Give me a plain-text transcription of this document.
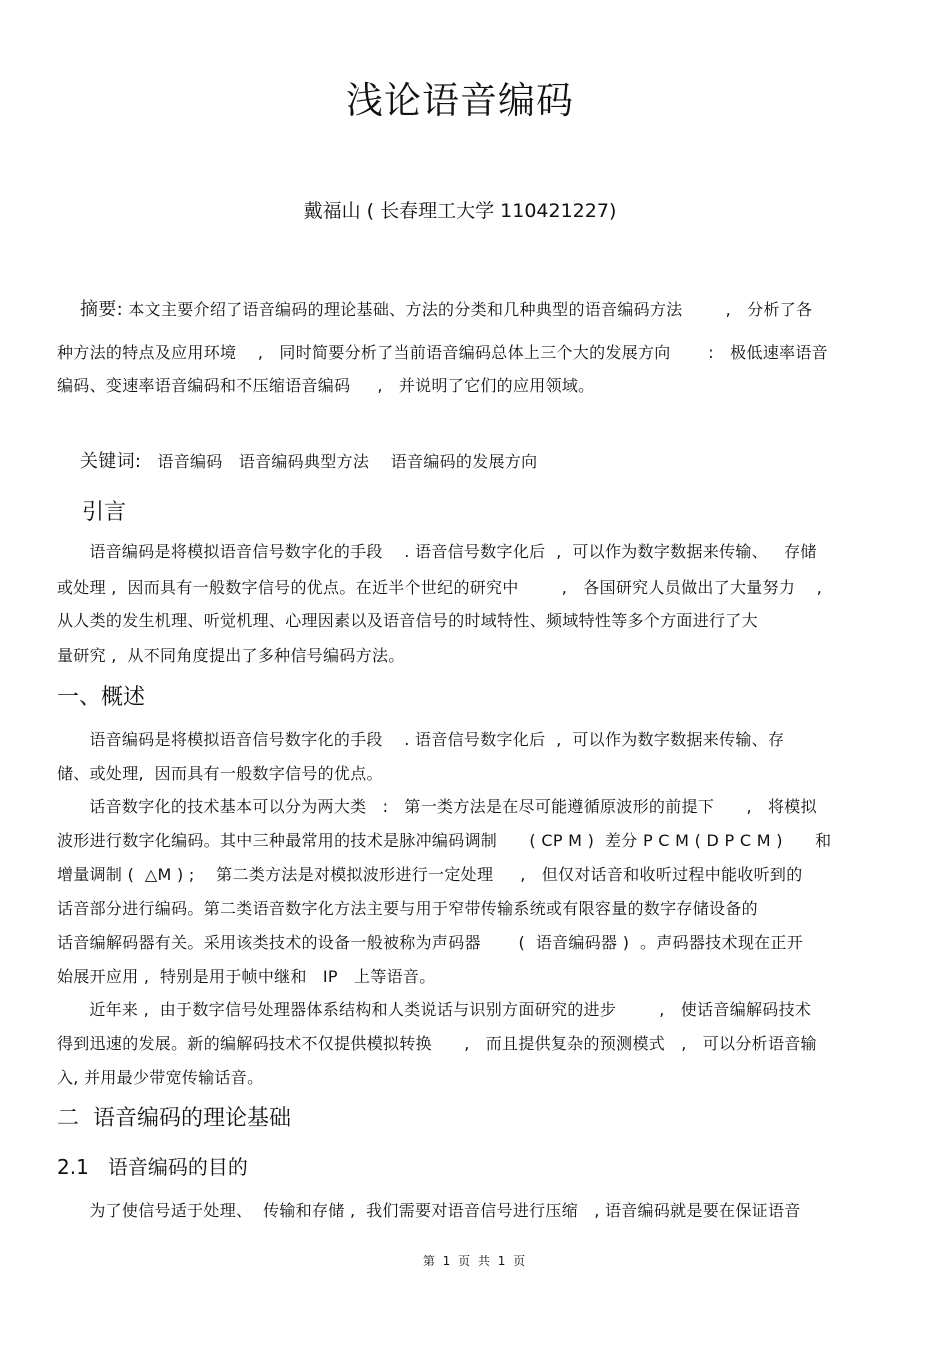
浅论语音编码
戴福山 ( 长春理工大学 110421227)
摘要: 本文主要介绍了语音编码的理论基础、方法的分类和几种典型的语音编码方法        ,   分析了各
种方法的特点及应用环境    ,   同时简要分析了当前语音编码总体上三个大的发展方向       :   极低速率语音
编码、变速率语音编码和不压缩语音编码     ,   并说明了它们的应用领域。
关键词:   语音编码   语音编码典型方法    语音编码的发展方向
引言
语音编码是将模拟语音信号数字化的手段    . 语音信号数字化后  ,  可以作为数字数据来传输、   存储
或处理 ,  因而具有一般数字信号的优点。在近半个世纪的研究中        ,   各国研究人员做出了大量努力    ,
从人类的发生机理、听觉机理、心理因素以及语音信号的时域特性、频域特性等多个方面进行了大
量研究 ,  从不同角度提出了多种信号编码方法。
一、概述
语音编码是将模拟语音信号数字化的手段    . 语音信号数字化后  ,  可以作为数字数据来传输、存
储、或处理,  因而具有一般数字信号的优点。
话音数字化的技术基本可以分为两大类   :   第一类方法是在尽可能遵循原波形的前提下      ,   将模拟
波形进行数字化编码。其中三种最常用的技术是脉冲编码调制      ( CP M )  差分 P C M ( D P C M )      和
增量调制 (  △M ) ;    第二类方法是对模拟波形进行一定处理     ,   但仅对话音和收听过程中能收听到的
话音部分进行编码。第二类语音数字化方法主要与用于窄带传输系统或有限容量的数字存储设备的
话音编解码器有关。采用该类技术的设备一般被称为声码器       (  语音编码器 )  。声码器技术现在正开
始展开应用 ,  特别是用于帧中继和   IP   上等语音。
近年来 ,  由于数字信号处理器体系结构和人类说话与识别方面研究的进步        ,   使话音编解码技术
得到迅速的发展。新的编解码技术不仅提供模拟转换      ,   而且提供复杂的预测模式   ,   可以分析语音输
入, 并用最少带宽传输话音。
二  语音编码的理论基础
2.1   语音编码的目的
为了使信号适于处理、  传输和存储 ,  我们需要对语音信号进行压缩   , 语音编码就是要在保证语音
第 1 页 共 1 页
